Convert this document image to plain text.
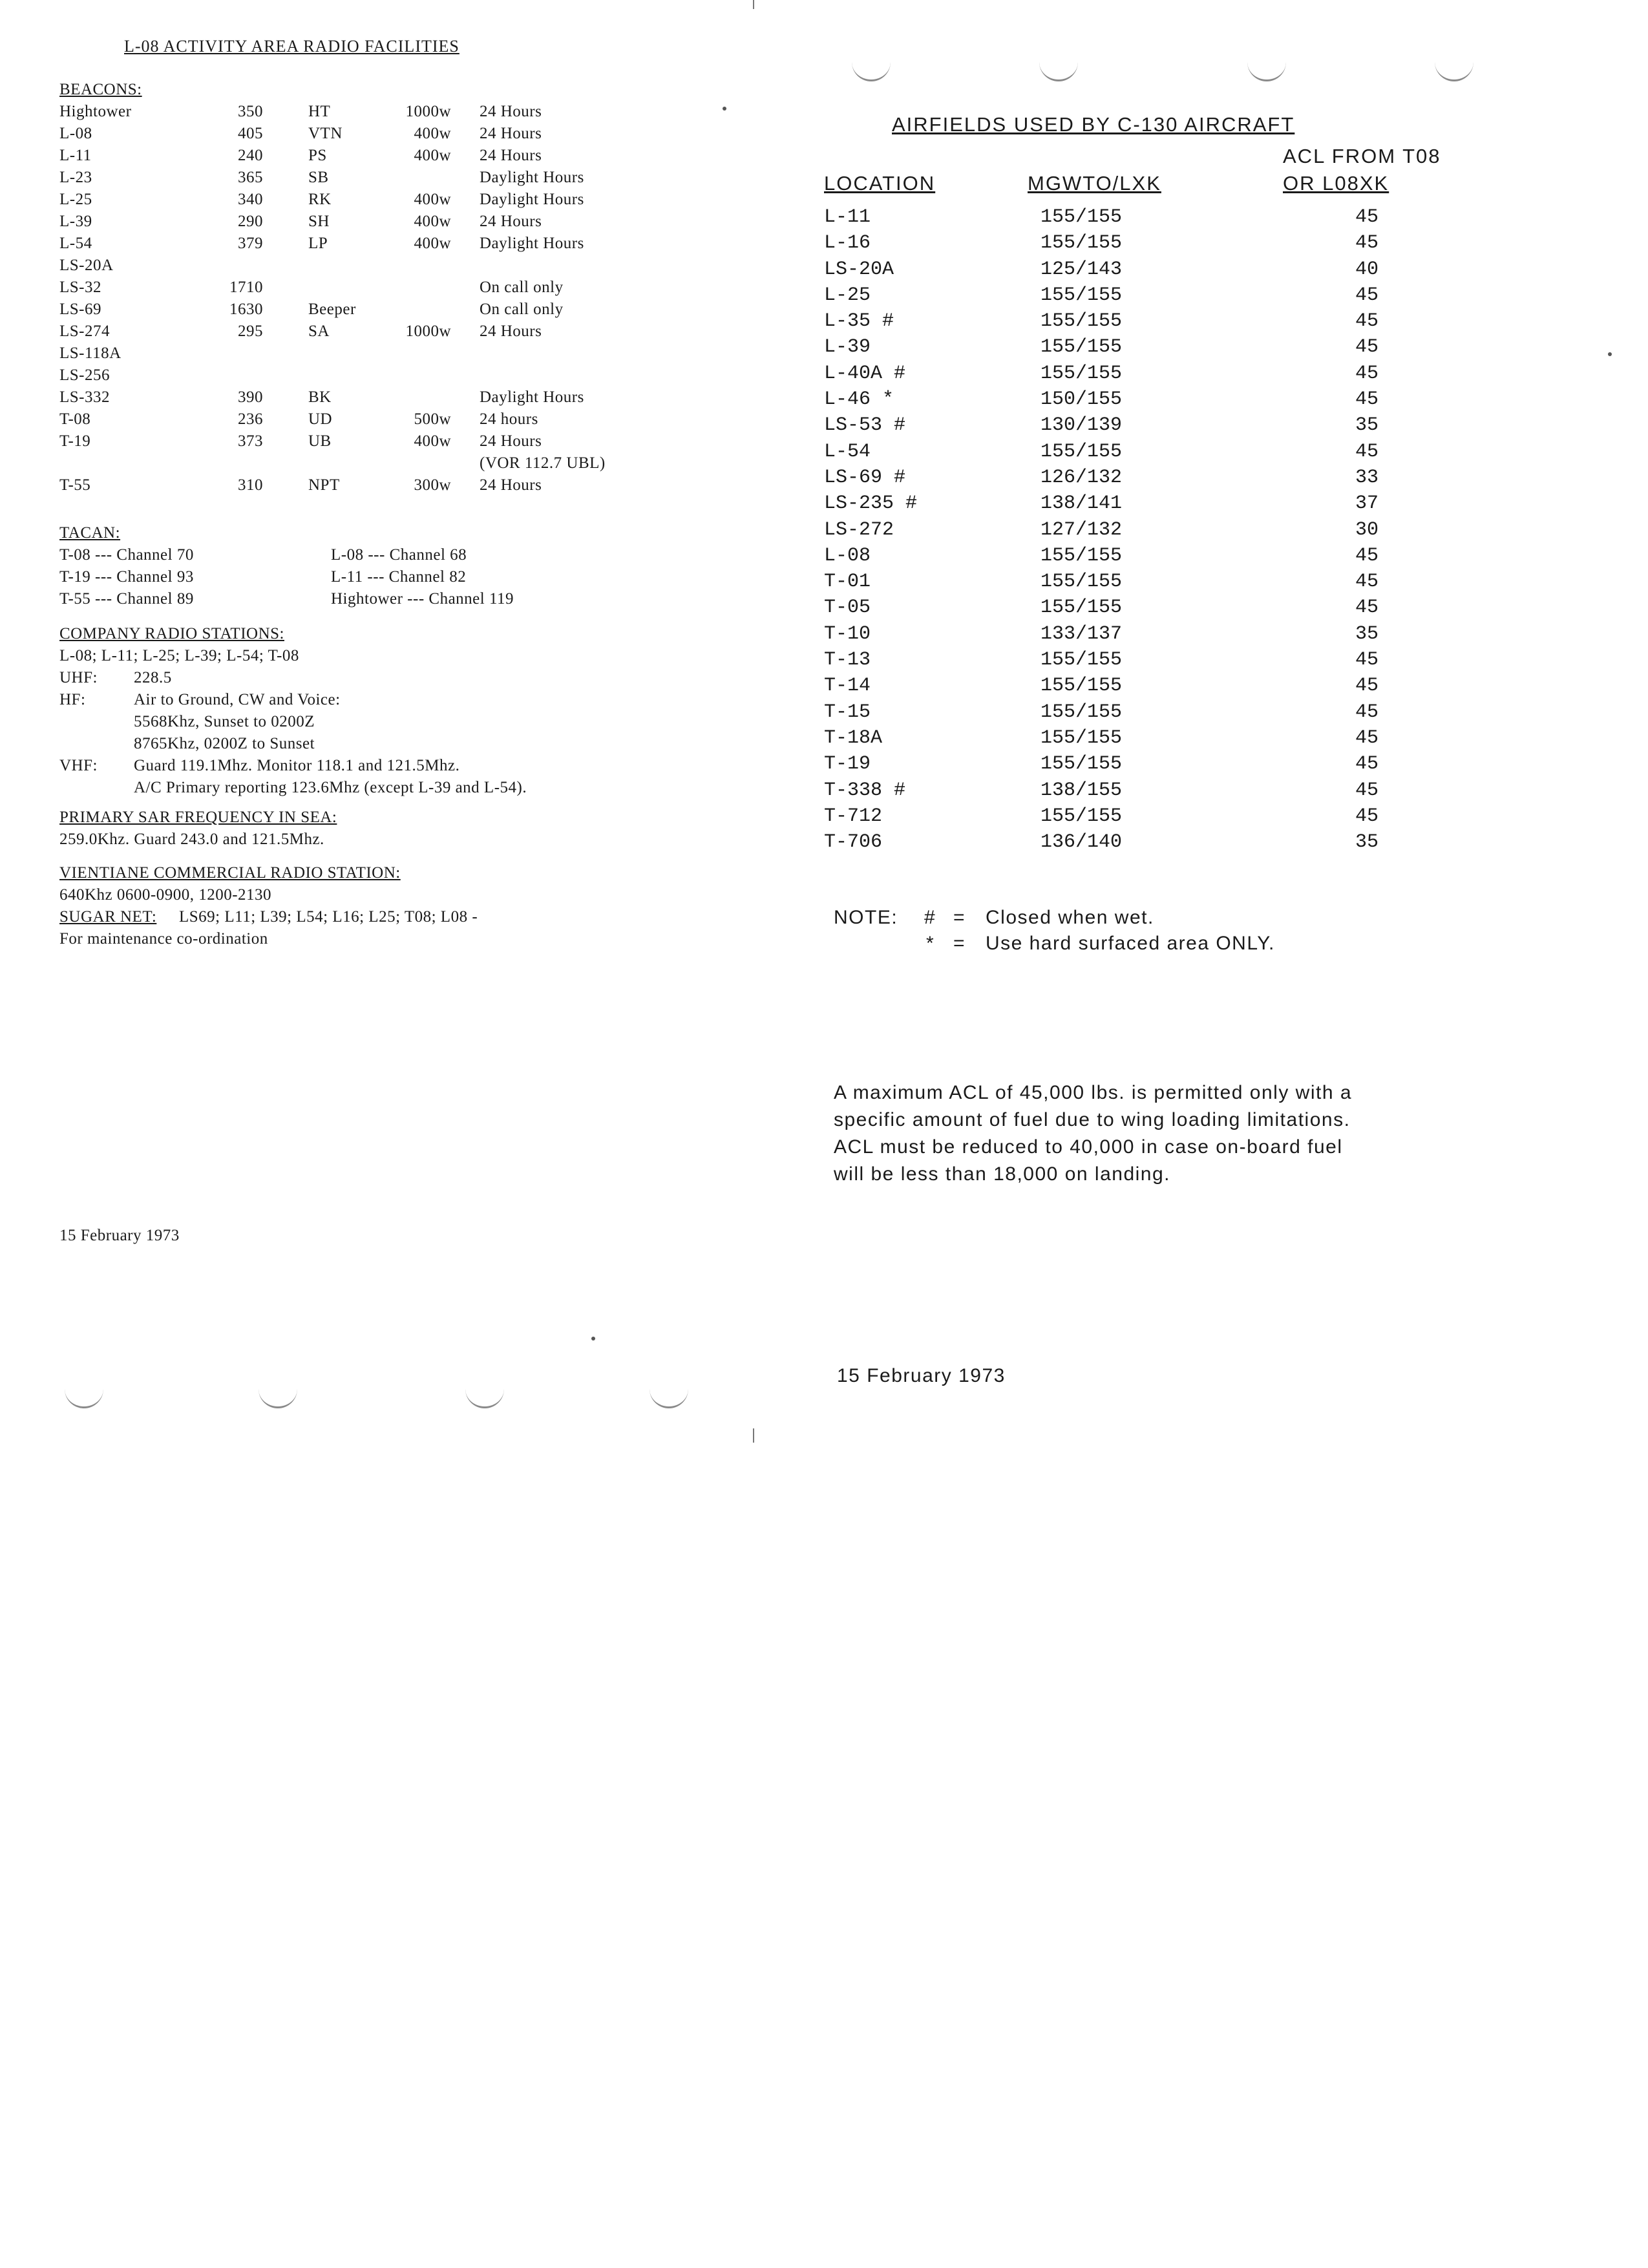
L-08 ACTIVITY AREA RADIO FACILITIES
BEACONS:
Hightower	350	HT	1000w 24 Hours
L-08	405	VTN	400w 24 Hours
L-11	240	PS	400w 24 Hours
L-23	365	SB	Daylight Hours
L-25	340	RK	400w Daylight Hours
L-39	290	SH	400w 24 Hours
L-54	379	LP	400w Daylight Hours
LS-20A
LS-32	1710	On call only
LS-69	1630	Beeper	On call only
LS-274	295	SA	1000w 24 Hours
LS-118A
LS-256
LS-332	390	BK	Daylight Hours
T-08	236	UD	500w 24 hours
T-19	373	UB	400w 24 Hours
(VOR 112.7 UBL)
T-55	310	NPT	300w 24 Hours
TACAN:
T-08 --- Channel 70	L-08 --- Channel 68
T-19 --- Channel 93	L-11 --- Channel 82
T-55 --- Channel 89	Hightower --- Channel 119
COMPANY RADIO STATIONS:
L-08; L-11; L-25; L-39; L-54; T-08
UHF: 228.5
HF:	Air to Ground, CW and Voice:
5568Khz, Sunset to 0200Z
8765Khz, 0200Z to Sunset
VHF: Guard 119.1Mhz. Monitor 118.1 and 121.5Mhz.
A/C Primary reporting 123.6Mhz (except L-39 and L-54).
PRIMARY SAR FREQUENCY IN SEA:
259.0Khz. Guard 243.0 and 121.5Mhz.
VIENTIANE COMMERCIAL RADIO STATION:
640Khz 0600-0900, 1200-2130
SUGAR NET: LS69; L11; L39; L54; L16; L25; T08; L08 -
For maintenance co-ordination
15 February 1973
AIRFIELDS USED BY C-130 AIRCRAFT
ACL FROM T08
LOCATION	MGWTO/LXK	OR L08XK
L-11	155/155	45
L-16	155/155	45
LS-20A	125/143	40
L-25	155/155	45
L-35 #	155/155	45
L-39	155/155	45
L-40A #	155/155	45
L-46 *	150/155	45
LS-53 #	130/139	35
L-54	155/155	45
LS-69 #	126/132	33
LS-235 #	138/141	37
LS-272	127/132	30
L-08	155/155	45
T-01	155/155	45
T-05	155/155	45
T-10	133/137	35
T-13	155/155	45
T-14	155/155	45
T-15	155/155	45
T-18A	155/155	45
T-19	155/155	45
T-338 #	138/155	45
T-712	155/155	45
T-706	136/140	35
NOTE: # = Closed when wet.
* = Use hard surfaced area ONLY.
A maximum ACL of 45,000 lbs. is permitted only with a
specific amount of fuel due to wing loading limitations.
ACL must be reduced to 40,000 in case on-board fuel
will be less than 18,000 on landing.
15 February 1973
